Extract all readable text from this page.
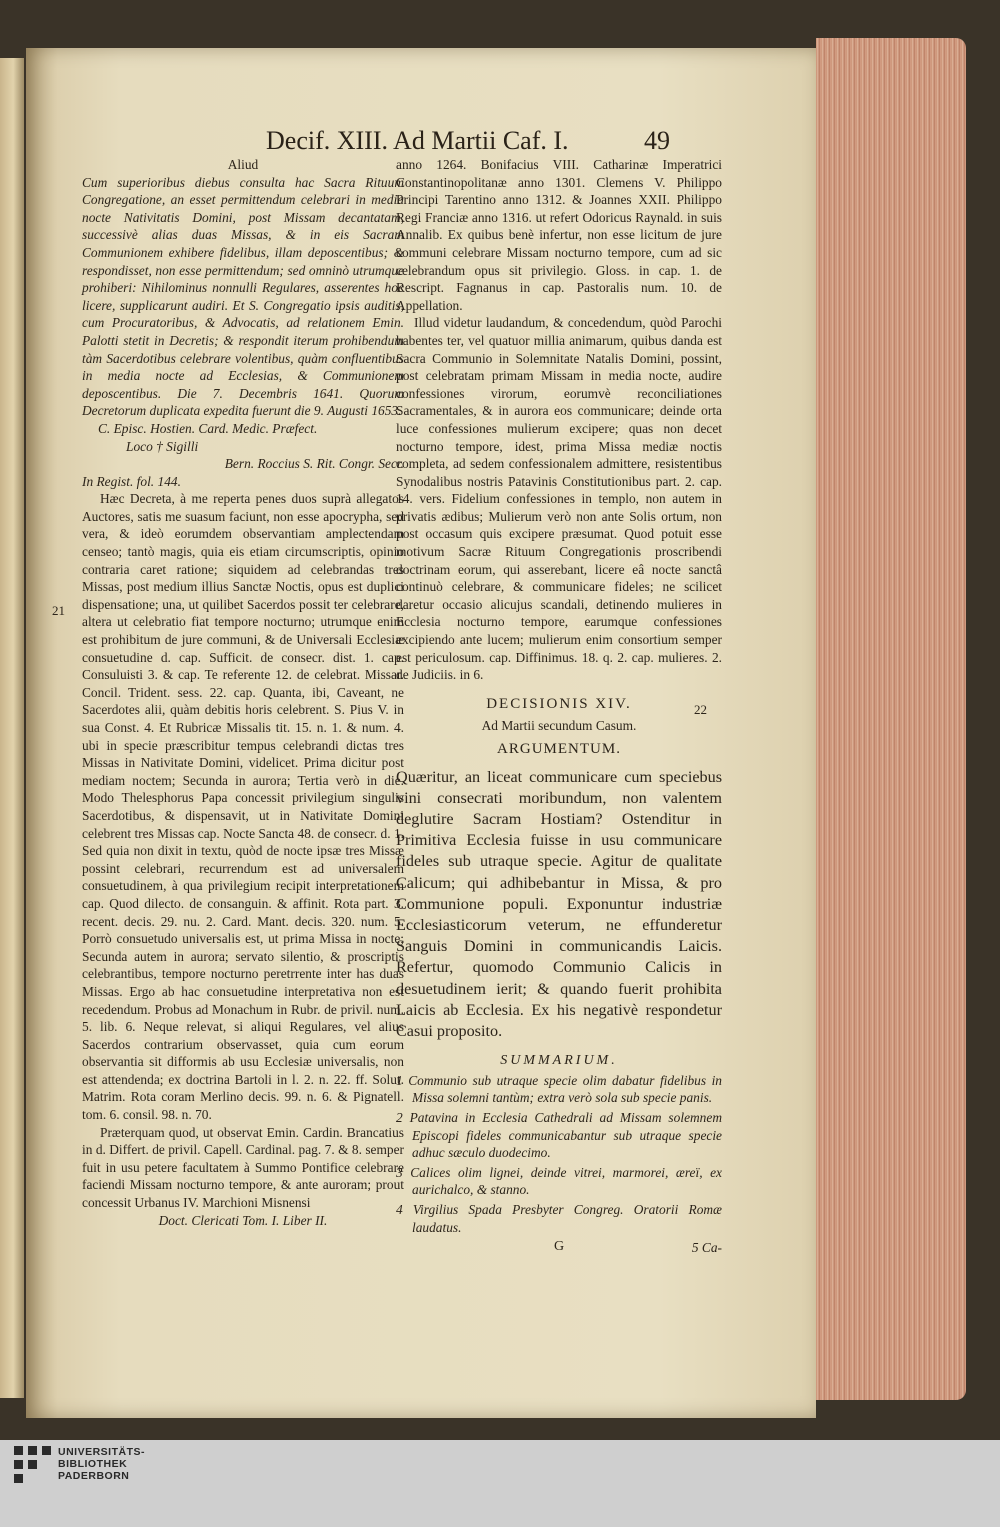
Decif. XIII. Ad Martii Caf. I.	49
21
22

Aliud

Cum superioribus diebus consulta hac Sacra Rituum Congregatione, an esset permittendum celebrari in media nocte Nativitatis Domini, post Missam decantatam, successivè alias duas Missas, & in eis Sacram Communionem exhibere fidelibus, illam deposcentibus; & respondisset, non esse permittendum; sed omninò utrumque prohiberi: Nihilominus nonnulli Regulares, asserentes hoc licere, supplicarunt audiri. Et S. Congregatio ipsis auditis, cum Procuratoribus, & Advocatis, ad relationem Emin. Palotti stetit in Decretis; & respondit iterum prohibendum tàm Sacerdotibus celebrare volentibus, quàm confluentibus in media nocte ad Ecclesias, & Communionem deposcentibus. Die 7. Decembris 1641. Quorum Decretorum duplicata expedita fuerunt die 9. Augusti 1653.

C. Episc. Hostien. Card. Medic. Præfect.

Loco † Sigilli

Bern. Roccius S. Rit. Congr. Secr.

In Regist. fol. 144.

Hæc Decreta, à me reperta penes duos suprà allegatos Auctores, satis me suasum faciunt, non esse apocrypha, sed vera, & ideò eorumdem observantiam amplectendam censeo; tantò magis, quia eis etiam circumscriptis, opinio contraria caret ratione; siquidem ad celebrandas tres Missas, post medium illius Sanctæ Noctis, opus est duplici dispensatione; una, ut quilibet Sacerdos possit ter celebrare, altera ut celebratio fiat tempore nocturno; utrumque enim est prohibitum de jure communi, & de Universali Ecclesiæ consuetudine d. cap. Sufficit. de consecr. dist. 1. cap. Consuluisti 3. & cap. Te referente 12. de celebrat. Missar. Concil. Trident. sess. 22. cap. Quanta, ibi, Caveant, ne Sacerdotes alii, quàm debitis horis celebrent. S. Pius V. in sua Const. 4. Et Rubricæ Missalis tit. 15. n. 1. & num. 4. ubi in specie præscribitur tempus celebrandi dictas tres Missas in Nativitate Domini, videlicet. Prima dicitur post mediam noctem; Secunda in aurora; Tertia verò in die. Modo Thelesphorus Papa concessit privilegium singulis Sacerdotibus, & dispensavit, ut in Nativitate Domini celebrent tres Missas cap. Nocte Sancta 48. de consecr. d. 1. Sed quia non dixit in textu, quòd de nocte ipsæ tres Missæ possint celebrari, recurrendum est ad universalem consuetudinem, à qua privilegium recipit interpretationem cap. Quod dilecto. de consanguin. & affinit. Rota part. 3. recent. decis. 29. nu. 2. Card. Mant. decis. 320. num. 5. Porrò consuetudo universalis est, ut prima Missa in nocte; Secunda autem in aurora; servato silentio, & proscriptis celebrantibus, tempore nocturno peretrrente inter has duas Missas. Ergo ab hac consuetudine interpretativa non est recedendum. Probus ad Monachum in Rubr. de privil. num. 5. lib. 6. Neque relevat, si aliqui Regulares, vel alius Sacerdos contrarium observasset, quia cum eorum observantia sit difformis ab usu Ecclesiæ universalis, non est attendenda; ex doctrina Bartoli in l. 2. n. 22. ff. Solut. Matrim. Rota coram Merlino decis. 99. n. 6. & Pignatell. tom. 6. consil. 98. n. 70.

Præterquam quod, ut observat Emin. Cardin. Brancatius in d. Differt. de privil. Capell. Cardinal. pag. 7. & 8. semper fuit in usu petere facultatem à Summo Pontifice celebrare faciendi Missam nocturno tempore, & ante auroram; prout concessit Urbanus IV. Marchioni Misnensi

Doct. Clericati Tom. I. Liber II.

anno 1264. Bonifacius VIII. Catharinæ Imperatrici Constantinopolitanæ anno 1301. Clemens V. Philippo Principi Tarentino anno 1312. & Joannes XXII. Philippo Regi Franciæ anno 1316. ut refert Odoricus Raynald. in suis Annalib. Ex quibus benè infertur, non esse licitum de jure communi celebrare Missam nocturno tempore, cum ad sic celebrandum opus sit privilegio. Gloss. in cap. 1. de Rescript. Fagnanus in cap. Pastoralis num. 10. de Appellation.

Illud videtur laudandum, & concedendum, quòd Parochi habentes ter, vel quatuor millia animarum, quibus danda est Sacra Communio in Solemnitate Natalis Domini, possint, post celebratam primam Missam in media nocte, audire confessiones virorum, eorumvè reconciliationes Sacramentales, & in aurora eos communicare; deinde orta luce confessiones mulierum excipere; quas non decet nocturno tempore, idest, prima Missa mediæ noctis completa, ad sedem confessionalem admittere, resistentibus Synodalibus nostris Patavinis Constitutionibus part. 2. cap. 14. vers. Fidelium confessiones in templo, non autem in privatis ædibus; Mulierum verò non ante Solis ortum, non post occasum quis excipere præsumat. Quod potuit esse motivum Sacræ Rituum Congregationis proscribendi doctrinam eorum, qui asserebant, licere eâ nocte sanctâ continuò celebrare, & communicare fideles; ne scilicet daretur occasio alicujus scandali, detinendo mulieres in Ecclesia nocturno tempore, earumque confessiones excipiendo ante lucem; mulierum enim consortium semper est periculosum. cap. Diffinimus. 18. q. 2. cap. mulieres. 2. de Judiciis. in 6.

DECISIONIS XIV.

Ad Martii secundum Casum.

ARGUMENTUM.

Quæritur, an liceat communicare cum speciebus vini consecrati moribundum, non valentem deglutire Sacram Hostiam? Ostenditur in Primitiva Ecclesia fuisse in usu communicare fideles sub utraque specie. Agitur de qualitate Calicum; qui adhibebantur in Missa, & pro Communione populi. Exponuntur industriæ Ecclesiasticorum veterum, ne effunderetur Sanguis Domini in communicandis Laicis. Refertur, quomodo Communio Calicis in desuetudinem ierit; & quando fuerit prohibita Laicis ab Ecclesia. Ex his negativè respondetur Casui proposito.

SUMMARIUM.

1 Communio sub utraque specie olim dabatur fidelibus in Missa solemni tantùm; extra verò sola sub specie panis.

2 Patavina in Ecclesia Cathedrali ad Missam solemnem Episcopi fideles communicabantur sub utraque specie adhuc sæculo duodecimo.

3 Calices olim lignei, deinde vitrei, marmorei, æreï, ex aurichalco, & stanno.

4 Virgilius Spada Presbyter Congreg. Oratorii Romæ laudatus.

G	5 Ca-
UNIVERSITÄTS-
BIBLIOTHEK
PADERBORN
